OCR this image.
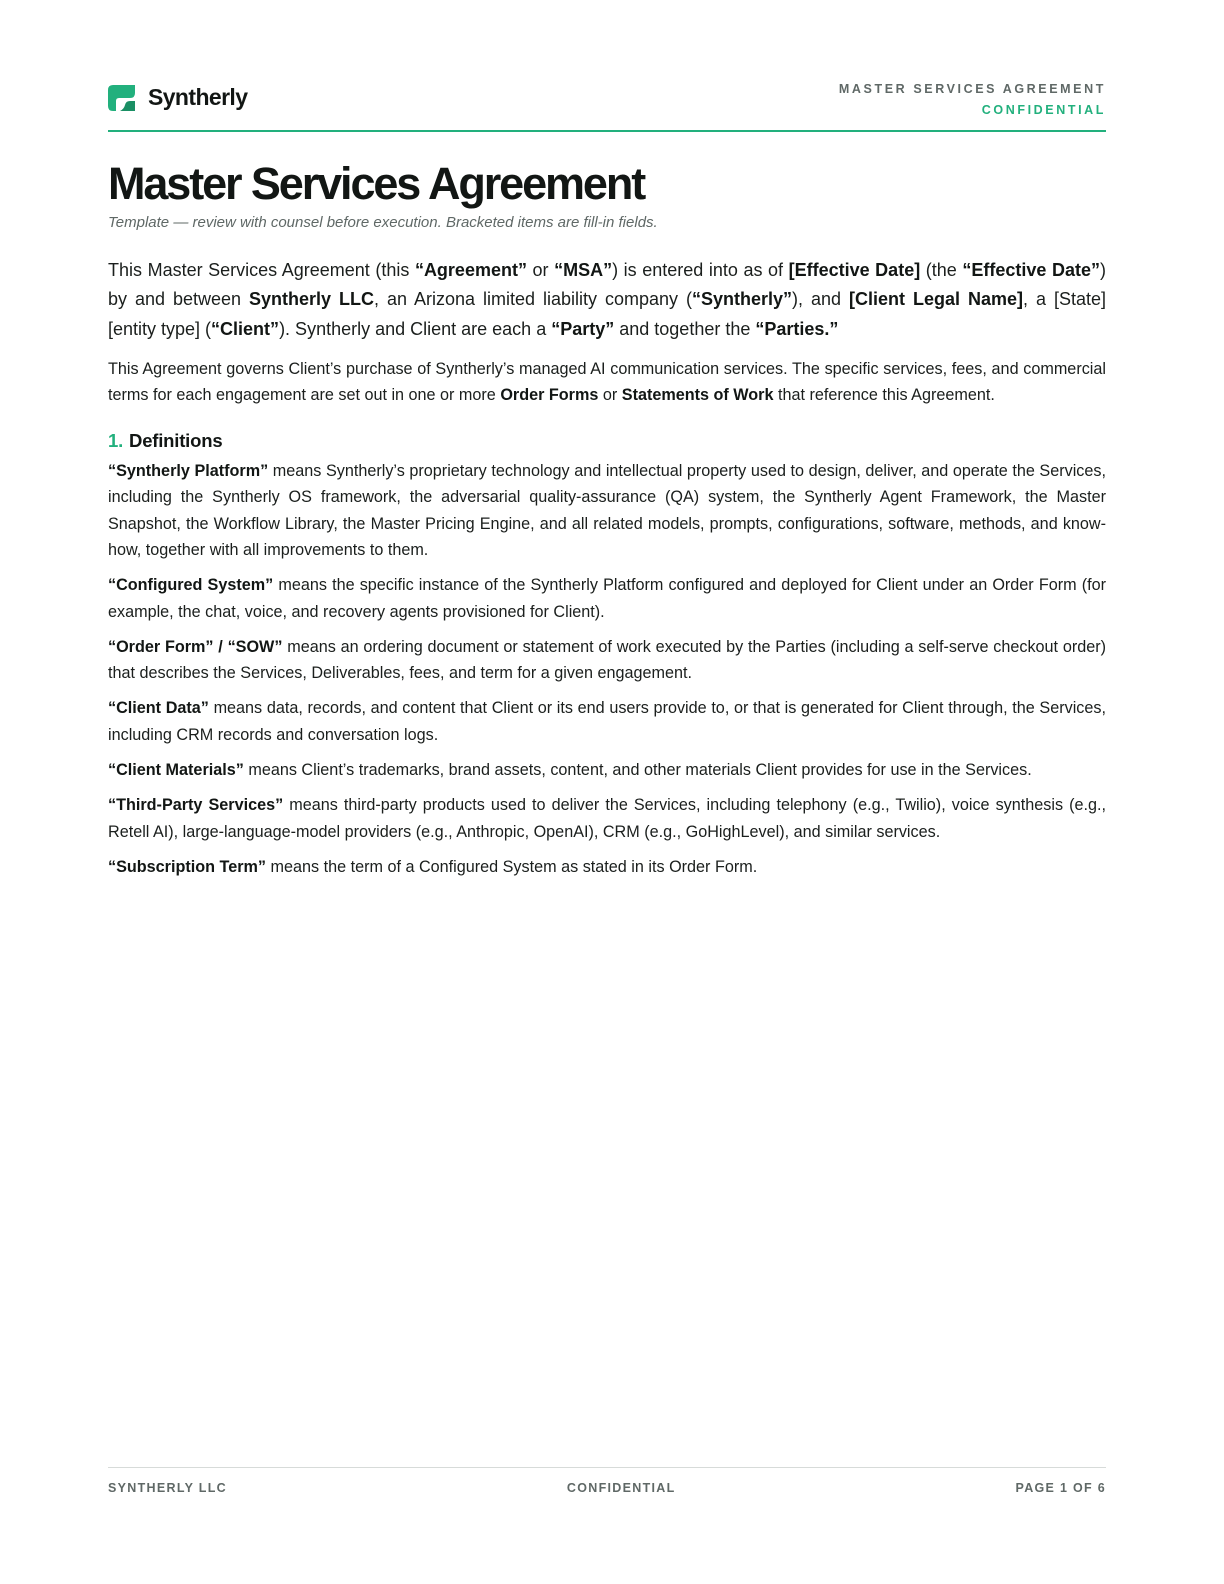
Syntherly	MASTER SERVICES AGREEMENT
CONFIDENTIAL
Master Services Agreement
Template — review with counsel before execution. Bracketed items are fill-in fields.

This Master Services Agreement (this “Agreement” or “MSA”) is entered into as of [Effective Date] (the “Effective Date”) by and between Syntherly LLC, an Arizona limited liability company (“Syntherly”), and [Client Legal Name], a [State] [entity type] (“Client”). Syntherly and Client are each a “Party” and together the “Parties.”

This Agreement governs Client’s purchase of Syntherly’s managed AI communication services. The specific services, fees, and commercial terms for each engagement are set out in one or more Order Forms or Statements of Work that reference this Agreement.

1. Definitions

“Syntherly Platform” means Syntherly’s proprietary technology and intellectual property used to design, deliver, and operate the Services, including the Syntherly OS framework, the adversarial quality-assurance (QA) system, the Syntherly Agent Framework, the Master Snapshot, the Workflow Library, the Master Pricing Engine, and all related models, prompts, configurations, software, methods, and know-how, together with all improvements to them.

“Configured System” means the specific instance of the Syntherly Platform configured and deployed for Client under an Order Form (for example, the chat, voice, and recovery agents provisioned for Client).

“Order Form” / “SOW” means an ordering document or statement of work executed by the Parties (including a self-serve checkout order) that describes the Services, Deliverables, fees, and term for a given engagement.

“Client Data” means data, records, and content that Client or its end users provide to, or that is generated for Client through, the Services, including CRM records and conversation logs.

“Client Materials” means Client’s trademarks, brand assets, content, and other materials Client provides for use in the Services.

“Third-Party Services” means third-party products used to deliver the Services, including telephony (e.g., Twilio), voice synthesis (e.g., Retell AI), large-language-model providers (e.g., Anthropic, OpenAI), CRM (e.g., GoHighLevel), and similar services.

“Subscription Term” means the term of a Configured System as stated in its Order Form.

SYNTHERLY LLC	CONFIDENTIAL	PAGE 1 OF 6
